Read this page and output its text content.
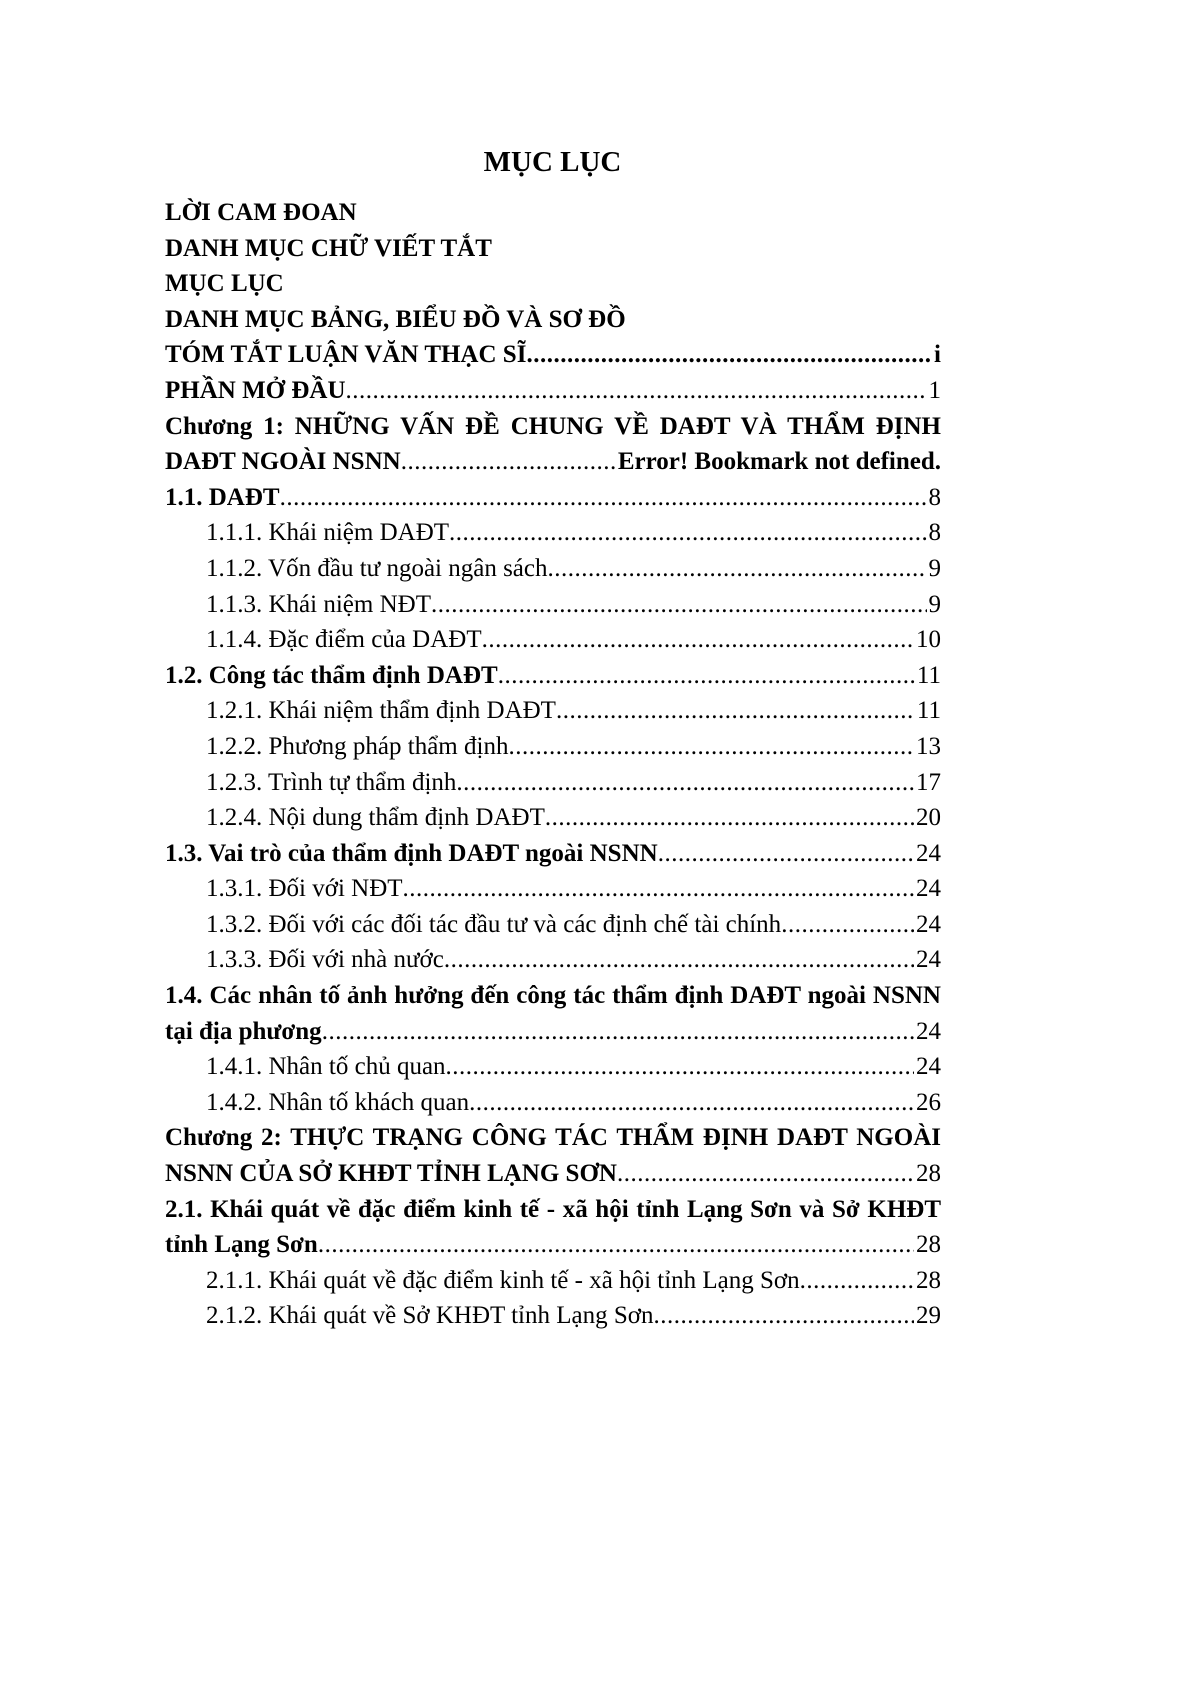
MỤC LỤC
LỜI CAM ĐOAN
DANH MỤC CHỮ VIẾT TẮT
MỤC LỤC
DANH MỤC BẢNG, BIỂU ĐỒ VÀ SƠ ĐỒ
TÓM TẮT LUẬN VĂN THẠC SĨ .....	i
PHẦN MỞ ĐẦU .....	1
Chương 1: NHỮNG VẤN ĐỀ CHUNG VỀ DAĐT VÀ THẨM ĐỊNH
DAĐT NGOÀI NSNN .....	Error! Bookmark not defined.
1.1. DAĐT .....	8
1.1.1. Khái niệm DAĐT .....	8
1.1.2. Vốn đầu tư ngoài ngân sách .....	9
1.1.3. Khái niệm NĐT .....	9
1.1.4. Đặc điểm của DAĐT .....	10
1.2. Công tác thẩm định DAĐT .....	11
1.2.1. Khái niệm thẩm định DAĐT .....	11
1.2.2. Phương pháp thẩm định .....	13
1.2.3. Trình tự thẩm định .....	17
1.2.4. Nội dung thẩm định DAĐT .....	20
1.3. Vai trò của thẩm định DAĐT ngoài NSNN .....	24
1.3.1. Đối với NĐT .....	24
1.3.2. Đối với các đối tác đầu tư và các định chế tài chính .....	24
1.3.3. Đối với nhà nước .....	24
1.4. Các nhân tố ảnh hưởng đến công tác thẩm định DAĐT ngoài NSNN
tại địa phương .....	24
1.4.1. Nhân tố chủ quan .....	24
1.4.2. Nhân tố khách quan .....	26
Chương 2: THỰC TRẠNG CÔNG TÁC THẨM ĐỊNH DAĐT NGOÀI
NSNN CỦA SỞ KHĐT TỈNH LẠNG SƠN .....	28
2.1. Khái quát về đặc điểm kinh tế - xã hội tỉnh Lạng Sơn và Sở KHĐT
tỉnh Lạng Sơn .....	28
2.1.1. Khái quát về đặc điểm kinh tế - xã hội tỉnh Lạng Sơn .....	28
2.1.2. Khái quát về Sở KHĐT tỉnh Lạng Sơn .....	29
